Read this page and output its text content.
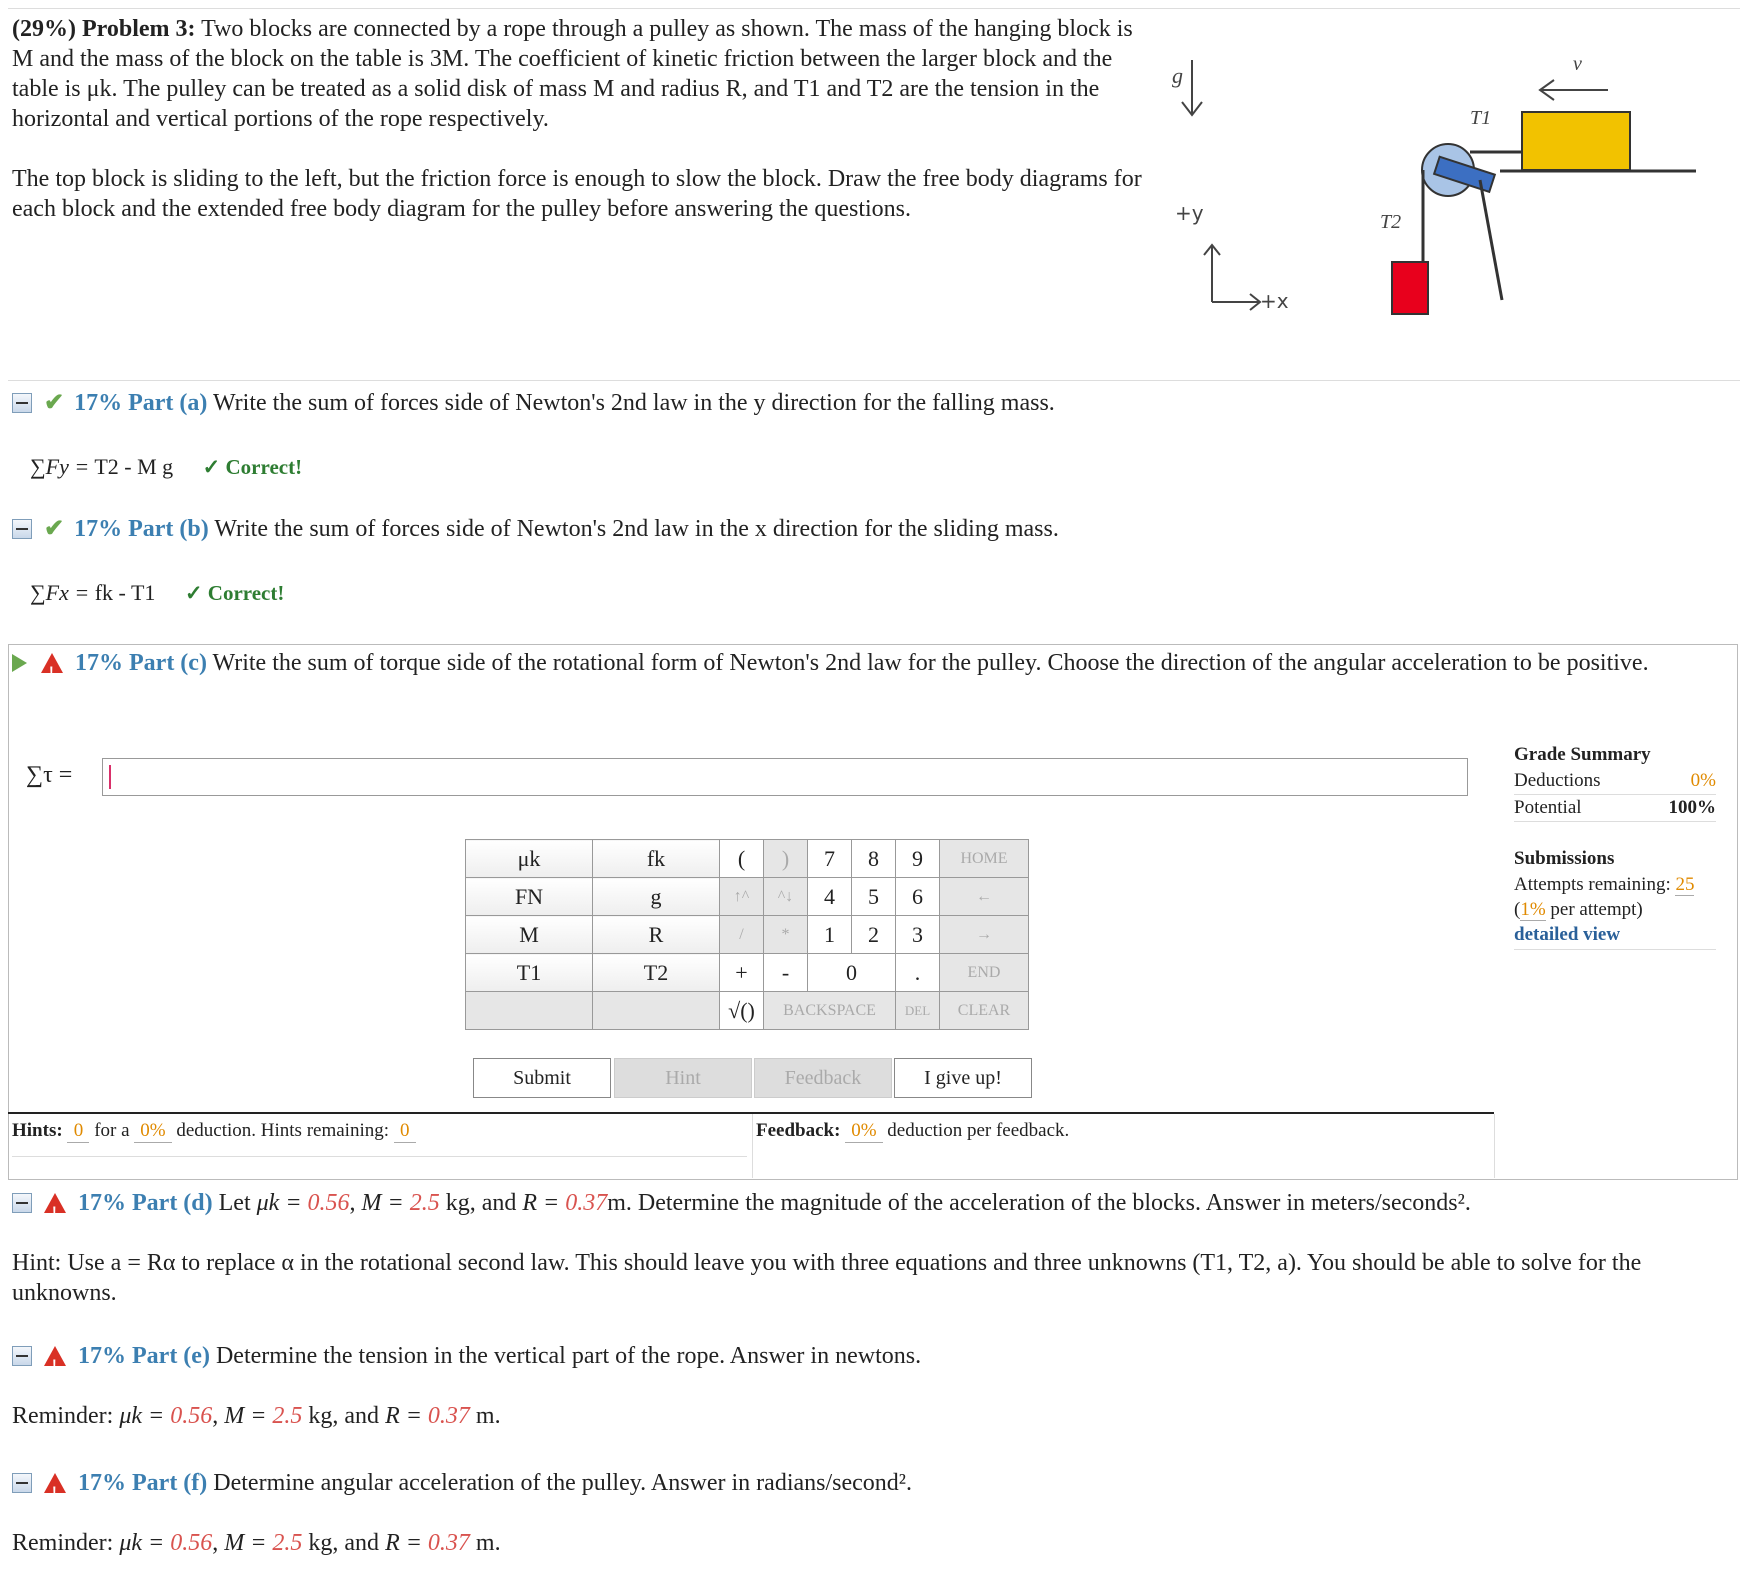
(29%) Problem 3: Two blocks are connected by a rope through a pulley as shown. The mass of the hanging block is M and the mass of the block on the table is 3M. The coefficient of kinetic friction between the larger block and the table is μk. The pulley can be treated as a solid disk of mass M and radius R, and T1 and T2 are the tension in the horizontal and vertical portions of the rope respectively.

The top block is sliding to the left, but the friction force is enough to slow the block. Draw the free body diagrams for each block and the extended free body diagram for the pulley before answering the questions.

g	v
T1
T2
+y
+x
✔ 17% Part (a) Write the sum of forces side of Newton's 2nd law in the y direction for the falling mass.
∑Fy = T2 - M g ✓ Correct!
✔ 17% Part (b) Write the sum of forces side of Newton's 2nd law in the x direction for the sliding mass.
∑Fx = fk - T1 ✓ Correct!

! 17% Part (c) Write the sum of torque side of the rotational form of Newton's 2nd law for the pulley. Choose the direction of the angular acceleration to be positive.
∑τ =
μk	fk	(	)	7	8	9	HOME
FN	g	↑^	^↓	4	5	6	←
M	R	/	*	1	2	3	→
T1	T2	+	-	0		.	END
		√()	BACKSPACE			DEL	CLEAR
Submit	Hint	Feedback	I give up!
Grade Summary
Deductions	0%
Potential	100%
Submissions
Attempts remaining: 25
(1% per attempt)
detailed view
Hints: 0 for a 0% deduction. Hints remaining: 0	Feedback: 0% deduction per feedback.

! 17% Part (d) Let μk = 0.56, M = 2.5 kg, and R = 0.37m. Determine the magnitude of the acceleration of the blocks. Answer in meters/seconds².
Hint: Use a = Rα to replace α in the rotational second law. This should leave you with three equations and three unknowns (T1, T2, a). You should be able to solve for the unknowns.

! 17% Part (e) Determine the tension in the vertical part of the rope. Answer in newtons.
Reminder: μk = 0.56, M = 2.5 kg, and R = 0.37 m.

! 17% Part (f) Determine angular acceleration of the pulley. Answer in radians/second².
Reminder: μk = 0.56, M = 2.5 kg, and R = 0.37 m.
